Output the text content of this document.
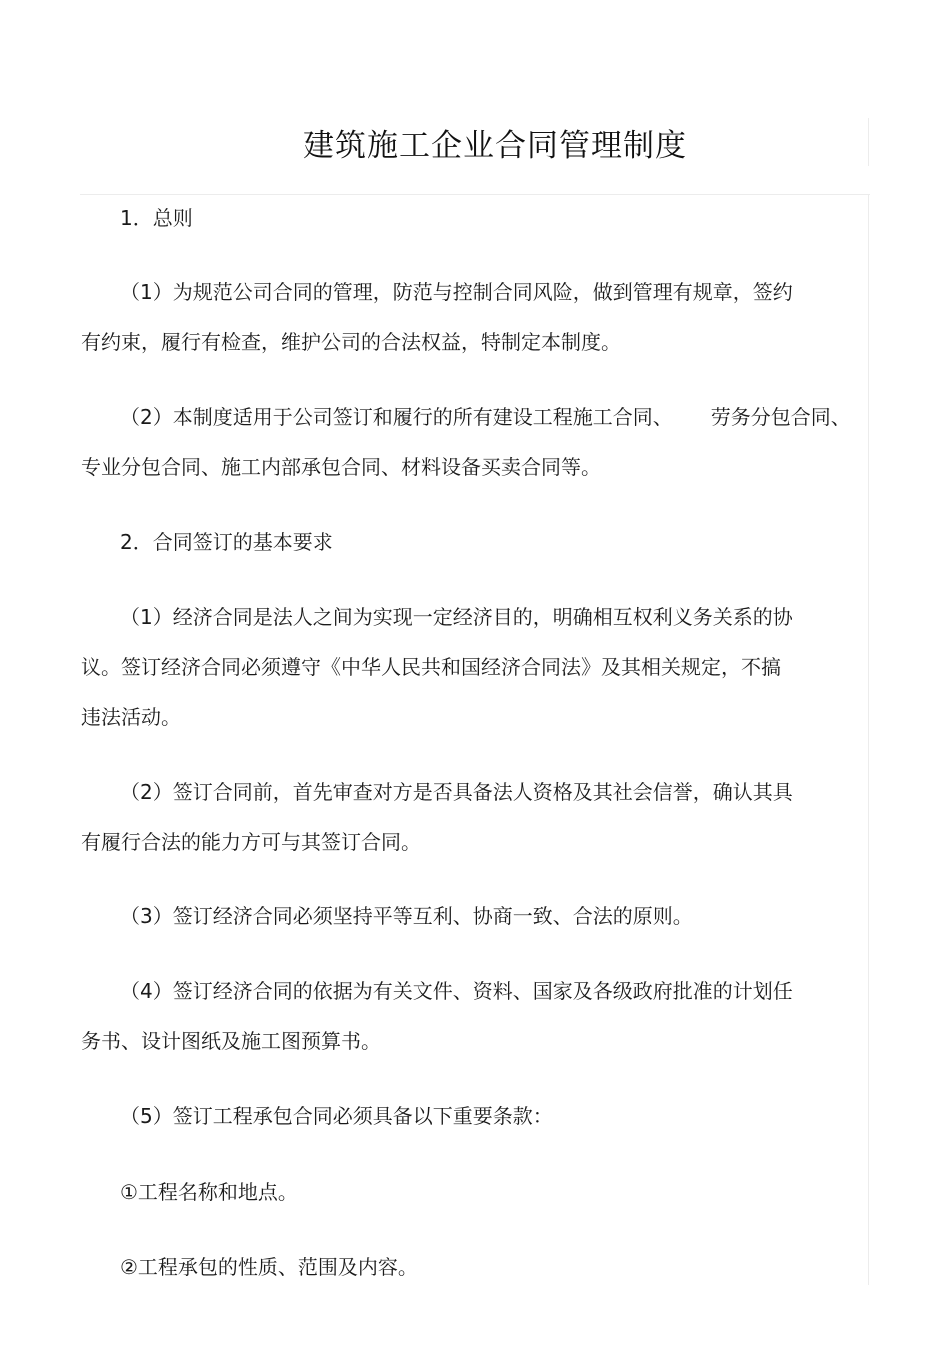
建筑施工企业合同管理制度

1．总则

（1）为规范公司合同的管理，防范与控制合同风险，做到管理有规章，签约

有约束，履行有检查，维护公司的合法权益，特制定本制度。

（2）本制度适用于公司签订和履行的所有建设工程施工合同、 劳务分包合同、

专业分包合同、施工内部承包合同、材料设备买卖合同等。

2．合同签订的基本要求

（1）经济合同是法人之间为实现一定经济目的，明确相互权利义务关系的协

议。签订经济合同必须遵守《中华人民共和国经济合同法》及其相关规定，不搞

违法活动。

（2）签订合同前，首先审查对方是否具备法人资格及其社会信誉，确认其具

有履行合法的能力方可与其签订合同。

（3）签订经济合同必须坚持平等互利、协商一致、合法的原则。

（4）签订经济合同的依据为有关文件、资料、国家及各级政府批准的计划任

务书、设计图纸及施工图预算书。

（5）签订工程承包合同必须具备以下重要条款：

①工程名称和地点。

②工程承包的性质、范围及内容。
